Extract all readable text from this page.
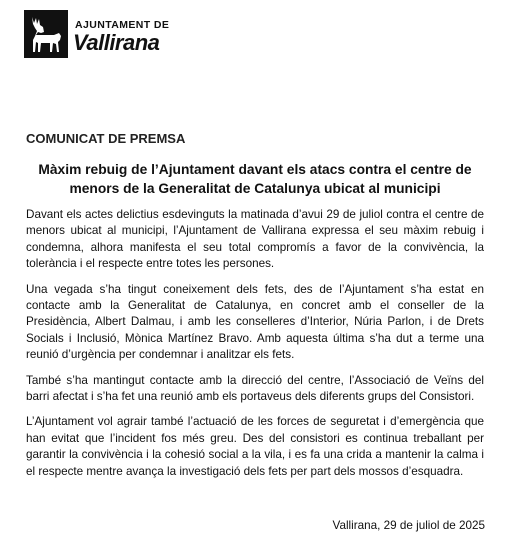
AJUNTAMENT DE
Vallirana
COMUNICAT DE PREMSA
Màxim rebuig de l’Ajuntament davant els atacs contra el centre de menors de la Generalitat de Catalunya ubicat al municipi

Davant els actes delictius esdevinguts la matinada d’avui 29 de juliol contra el centre de menors ubicat al municipi, l’Ajuntament de Vallirana expressa el seu màxim rebuig i condemna, alhora manifesta el seu total compromís a favor de la convivència, la tolerància i el respecte entre totes les persones.

Una vegada s’ha tingut coneixement dels fets, des de l’Ajuntament s’ha estat en contacte amb la Generalitat de Catalunya, en concret amb el conseller de la Presidència, Albert Dalmau, i amb les conselleres d’Interior, Núria Parlon, i de Drets Socials i Inclusió, Mònica Martínez Bravo. Amb aquesta última s’ha dut a terme una reunió d’urgència per condemnar i analitzar els fets.

També s’ha mantingut contacte amb la direcció del centre, l’Associació de Veïns del barri afectat i s’ha fet una reunió amb els portaveus dels diferents grups del Consistori.

L’Ajuntament vol agrair també l’actuació de les forces de seguretat i d’emergència que han evitat que l’incident fos més greu. Des del consistori es continua treballant per garantir la convivència i la cohesió social a la vila, i es fa una crida a mantenir la calma i el respecte mentre avança la investigació dels fets per part dels mossos d’esquadra.

Vallirana, 29 de juliol de 2025
